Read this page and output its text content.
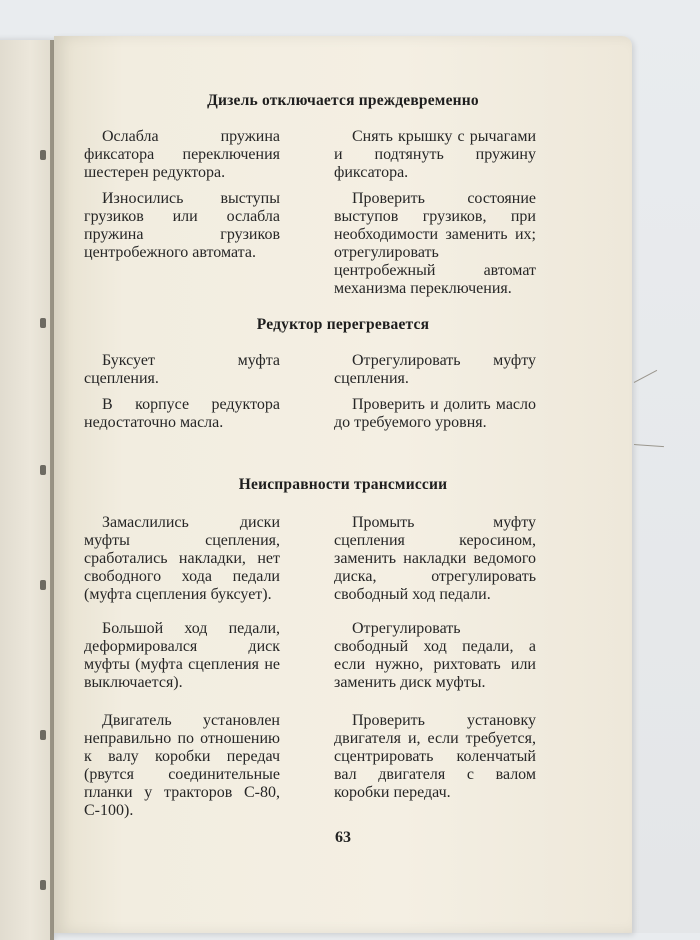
Дизель отключается преждевременно

Ослабла пружина фиксатора переключения шестерен редуктора.

Износились выступы грузиков или ослабла пружина грузиков центробежного автомата.

Снять крышку с рычагами и подтянуть пружину фиксатора.

Проверить состояние выступов грузиков, при необходимости заменить их; отрегулировать центробежный автомат механизма переключения.

Редуктор перегревается

Буксует муфта сцепления.

В корпусе редуктора недостаточно масла.

Отрегулировать муфту сцепления.

Проверить и долить масло до требуемого уровня.

Неисправности трансмиссии

Замаслились диски муфты сцепления, сработались накладки, нет свободного хода педали (муфта сцепления буксует).

Промыть муфту сцепления керосином, заменить накладки ведомого диска, отрегулировать свободный ход педали.

Большой ход педали, деформировался диск муфты (муфта сцепления не выключается).

Отрегулировать свободный ход педали, а если нужно, рихтовать или заменить диск муфты.

Двигатель установлен неправильно по отношению к валу коробки передач (рвутся соединительные планки у тракторов С-80, С-100).

Проверить установку двигателя и, если требуется, сцентрировать коленчатый вал двигателя с валом коробки передач.

63
